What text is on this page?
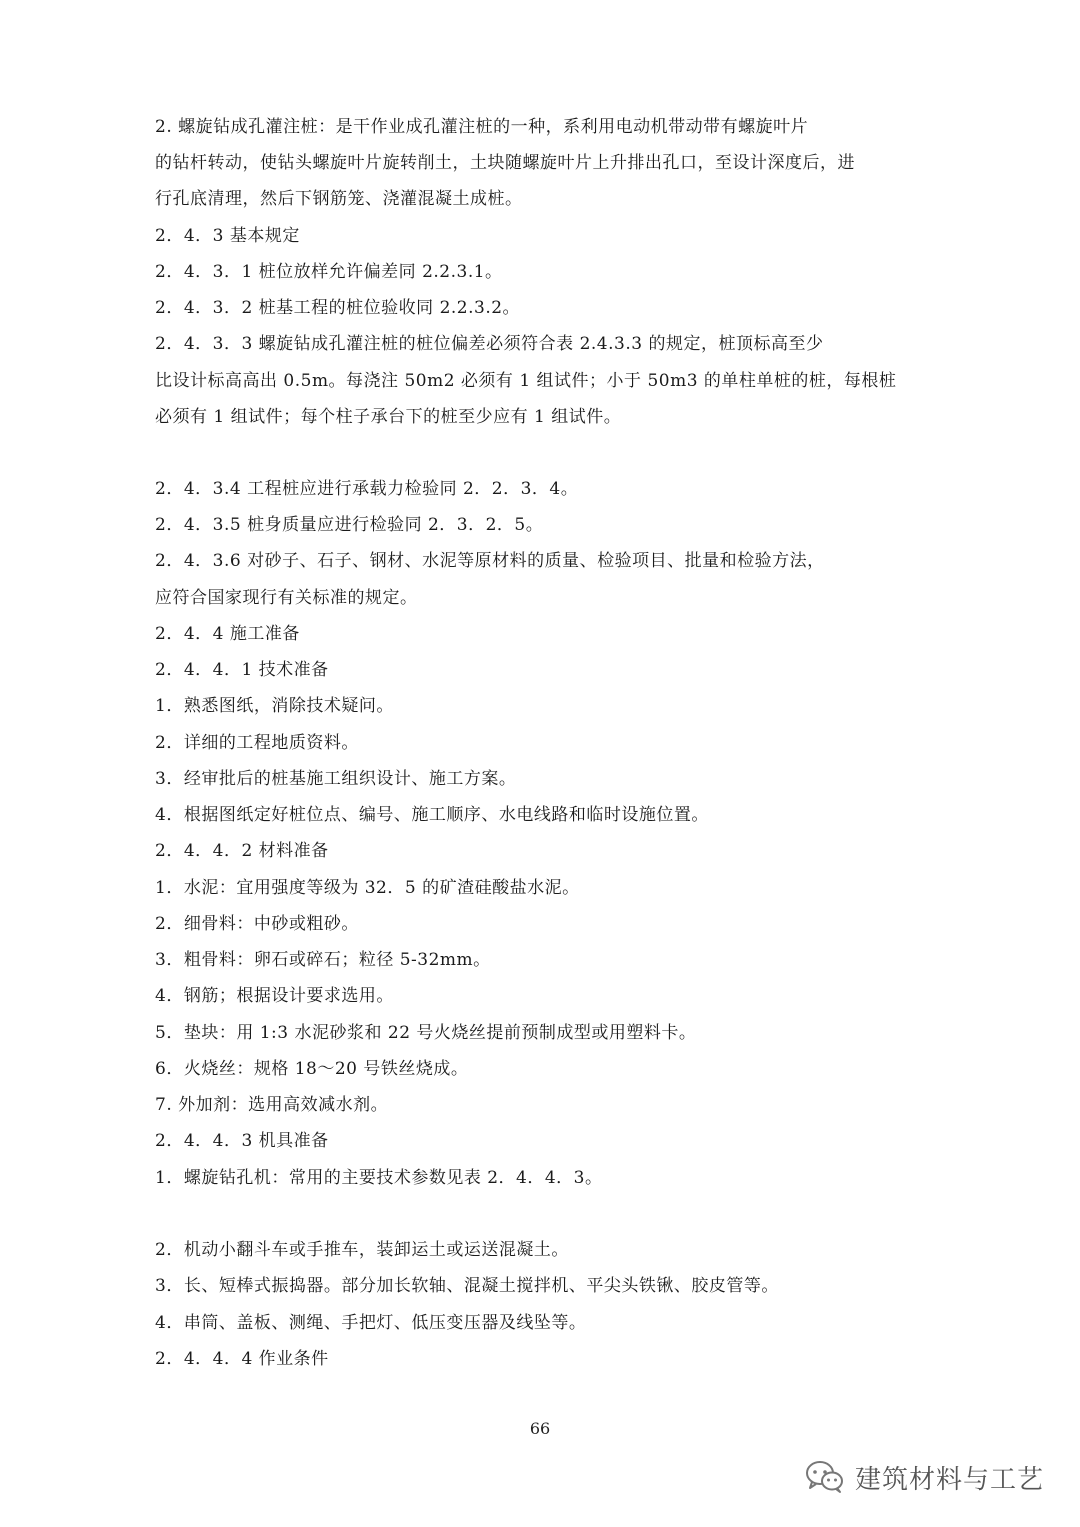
2. 螺旋钻成孔灌注桩：是干作业成孔灌注桩的一种，系利用电动机带动带有螺旋叶片
的钻杆转动，使钻头螺旋叶片旋转削土，土块随螺旋叶片上升排出孔口，至设计深度后，进
行孔底清理，然后下钢筋笼、浇灌混凝土成桩。
2．4．3 基本规定
2．4．3．1 桩位放样允许偏差同 2.2.3.1。
2．4．3．2 桩基工程的桩位验收同 2.2.3.2。
2．4．3．3 螺旋钻成孔灌注桩的桩位偏差必须符合表 2.4.3.3 的规定，桩顶标高至少
比设计标高高出 0.5m。每浇注 50m2 必须有 1 组试件；小于 50m3 的单柱单桩的桩，每根桩
必须有 1 组试件；每个柱子承台下的桩至少应有 1 组试件。
2．4．3.4 工程桩应进行承载力检验同 2．2．3．4。
2．4．3.5 桩身质量应进行检验同 2．3．2．5。
2．4．3.6 对砂子、石子、钢材、水泥等原材料的质量、检验项目、批量和检验方法，
应符合国家现行有关标准的规定。
2．4．4 施工准备
2．4．4．1 技术准备
1．熟悉图纸，消除技术疑问。
2．详细的工程地质资料。
3．经审批后的桩基施工组织设计、施工方案。
4．根据图纸定好桩位点、编号、施工顺序、水电线路和临时设施位置。
2．4．4．2 材料准备
1．水泥：宜用强度等级为 32．5 的矿渣硅酸盐水泥。
2．细骨料：中砂或粗砂。
3．粗骨料：卵石或碎石；粒径 5-32mm。
4．钢筋；根据设计要求选用。
5．垫块：用 1:3 水泥砂浆和 22 号火烧丝提前预制成型或用塑料卡。
6．火烧丝：规格 18～20 号铁丝烧成。
7. 外加剂：选用高效减水剂。
2．4．4．3 机具准备
1．螺旋钻孔机：常用的主要技术参数见表 2．4．4．3。
2．机动小翻斗车或手推车，装卸运土或运送混凝土。
3．长、短棒式振捣器。部分加长软轴、混凝土搅拌机、平尖头铁锹、胶皮管等。
4．串筒、盖板、测绳、手把灯、低压变压器及线坠等。
2．4．4．4 作业条件
66
建筑材料与工艺
